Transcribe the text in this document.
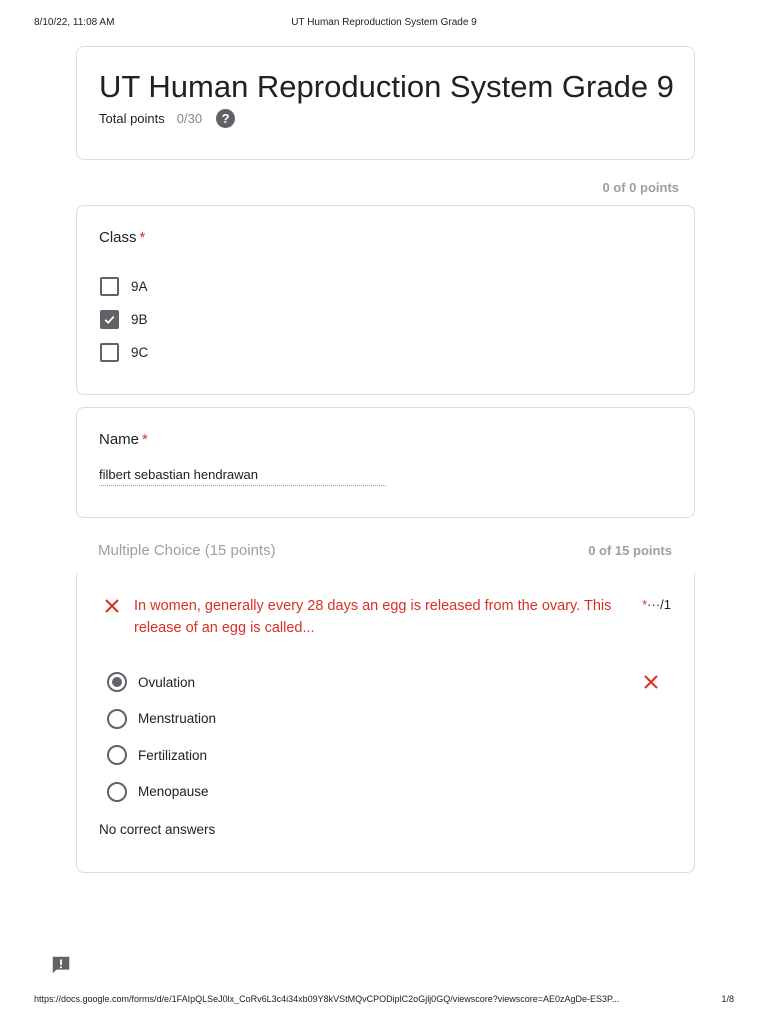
8/10/22, 11:08 AM	UT Human Reproduction System Grade 9
UT Human Reproduction System Grade 9
Total points 0/30	?
0 of 0 points
Class *
9A
9B
9C
Name *
filbert sebastian hendrawan
Multiple Choice (15 points)	0 of 15 points
In women, generally every 28 days an egg is released from the ovary. This release of an egg is called...
*···/1
Ovulation
Menstruation
Fertilization
Menopause
No correct answers
https://docs.google.com/forms/d/e/1FAIpQLSeJ0lx_CoRv6L3c4i34xb09Y8kVStMQvCPODiplC2oGjlj0GQ/viewscore?viewscore=AE0zAgDe-ES3P...	1/8
